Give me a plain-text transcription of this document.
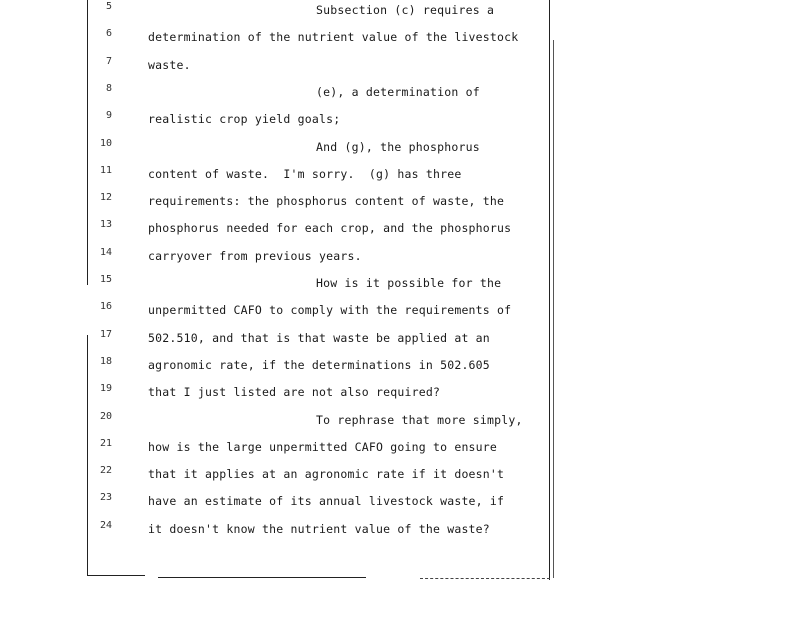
5	Subsection (c) requires a
6	determination of the nutrient value of the livestock
7	waste.
8	(e), a determination of
9	realistic crop yield goals;
10	And (g), the phosphorus
11	content of waste.  I'm sorry.  (g) has three
12	requirements: the phosphorus content of waste, the
13	phosphorus needed for each crop, and the phosphorus
14	carryover from previous years.
15	How is it possible for the
16	unpermitted CAFO to comply with the requirements of
17	502.510, and that is that waste be applied at an
18	agronomic rate, if the determinations in 502.605
19	that I just listed are not also required?
20	To rephrase that more simply,
21	how is the large unpermitted CAFO going to ensure
22	that it applies at an agronomic rate if it doesn't
23	have an estimate of its annual livestock waste, if
24	it doesn't know the nutrient value of the waste?
